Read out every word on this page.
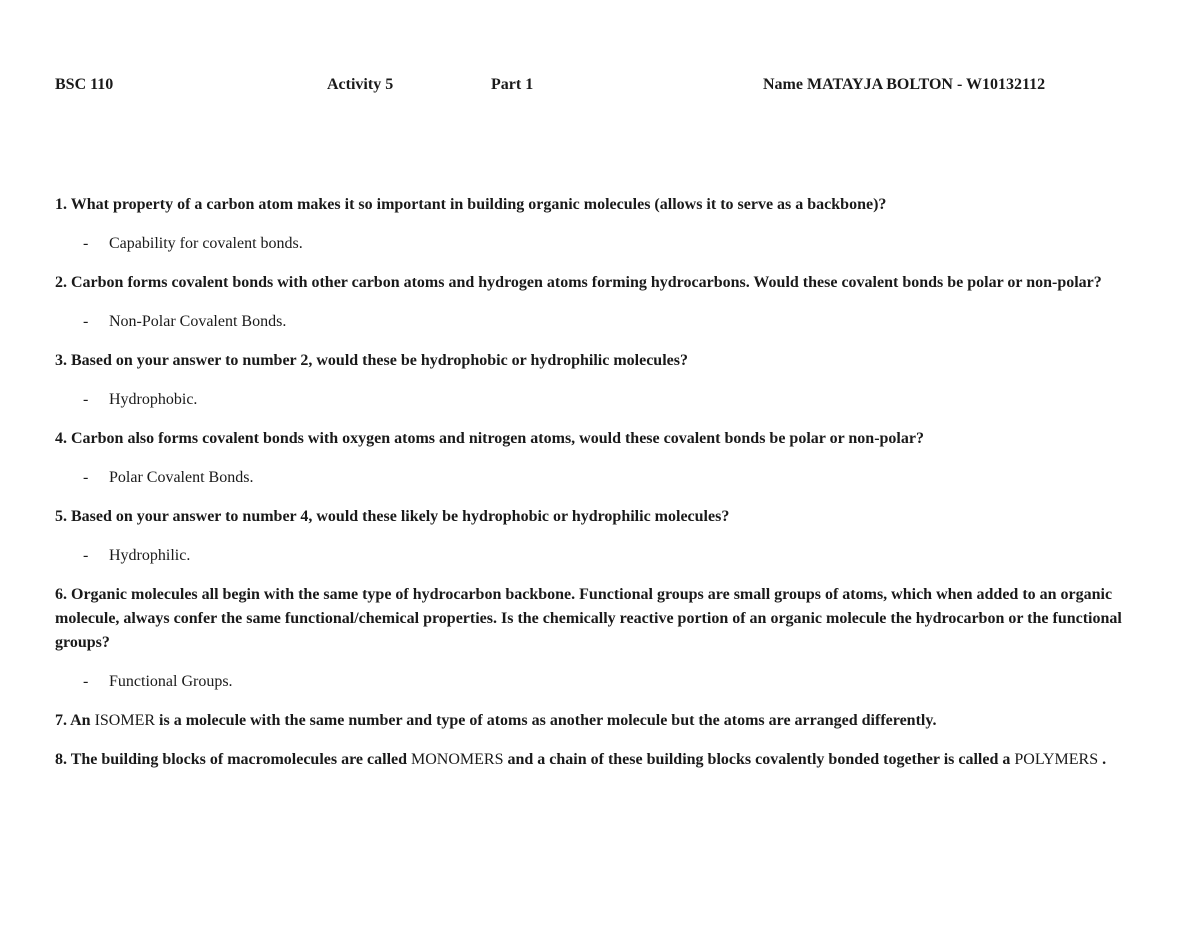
BSC 110	Activity 5	Part 1	Name MATAYJA BOLTON - W10132112
1. What property of a carbon atom makes it so important in building organic molecules (allows it to serve as a backbone)?
- Capability for covalent bonds.
2. Carbon forms covalent bonds with other carbon atoms and hydrogen atoms forming hydrocarbons. Would these covalent bonds be polar or non-polar?
- Non-Polar Covalent Bonds.
3. Based on your answer to number 2, would these be hydrophobic or hydrophilic molecules?
- Hydrophobic.
4. Carbon also forms covalent bonds with oxygen atoms and nitrogen atoms, would these covalent bonds be polar or non-polar?
- Polar Covalent Bonds.
5. Based on your answer to number 4, would these likely be hydrophobic or hydrophilic molecules?
- Hydrophilic.
6. Organic molecules all begin with the same type of hydrocarbon backbone. Functional groups are small groups of atoms, which when added to an organic molecule, always confer the same functional/chemical properties. Is the chemically reactive portion of an organic molecule the hydrocarbon or the functional groups?
- Functional Groups.
7. An ISOMER is a molecule with the same number and type of atoms as another molecule but the atoms are arranged differently.
8. The building blocks of macromolecules are called MONOMERS and a chain of these building blocks covalently bonded together is called a POLYMERS .
